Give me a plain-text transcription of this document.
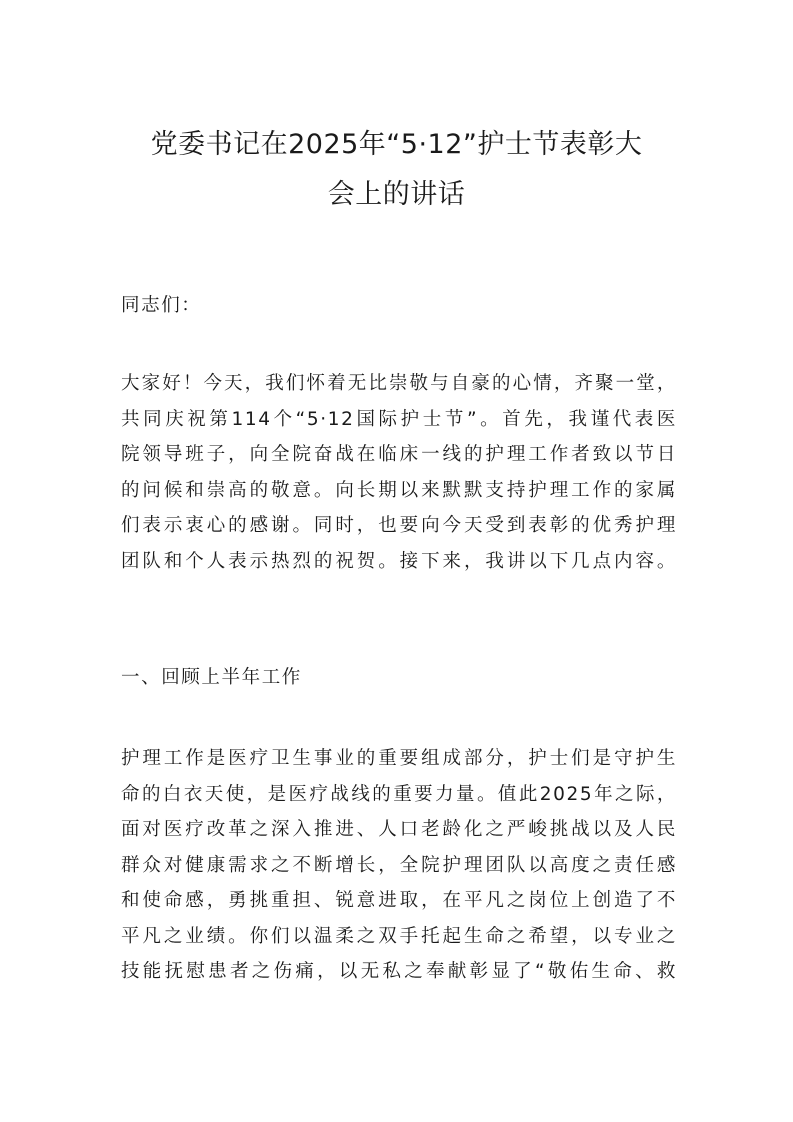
党委书记在2025年“5·12”护士节表彰大
会上的讲话

同志们：

大家好！今天，我们怀着无比崇敬与自豪的心情，齐聚一堂，
共同庆祝第114个“5·12国际护士节”。首先，我谨代表医
院领导班子，向全院奋战在临床一线的护理工作者致以节日
的问候和崇高的敬意。向长期以来默默支持护理工作的家属
们表示衷心的感谢。同时，也要向今天受到表彰的优秀护理
团队和个人表示热烈的祝贺。接下来，我讲以下几点内容。

一、回顾上半年工作

护理工作是医疗卫生事业的重要组成部分，护士们是守护生
命的白衣天使，是医疗战线的重要力量。值此2025年之际，
面对医疗改革之深入推进、人口老龄化之严峻挑战以及人民
群众对健康需求之不断增长，全院护理团队以高度之责任感
和使命感，勇挑重担、锐意进取，在平凡之岗位上创造了不
平凡之业绩。你们以温柔之双手托起生命之希望，以专业之
技能抚慰患者之伤痛，以无私之奉献彰显了“敬佑生命、救
